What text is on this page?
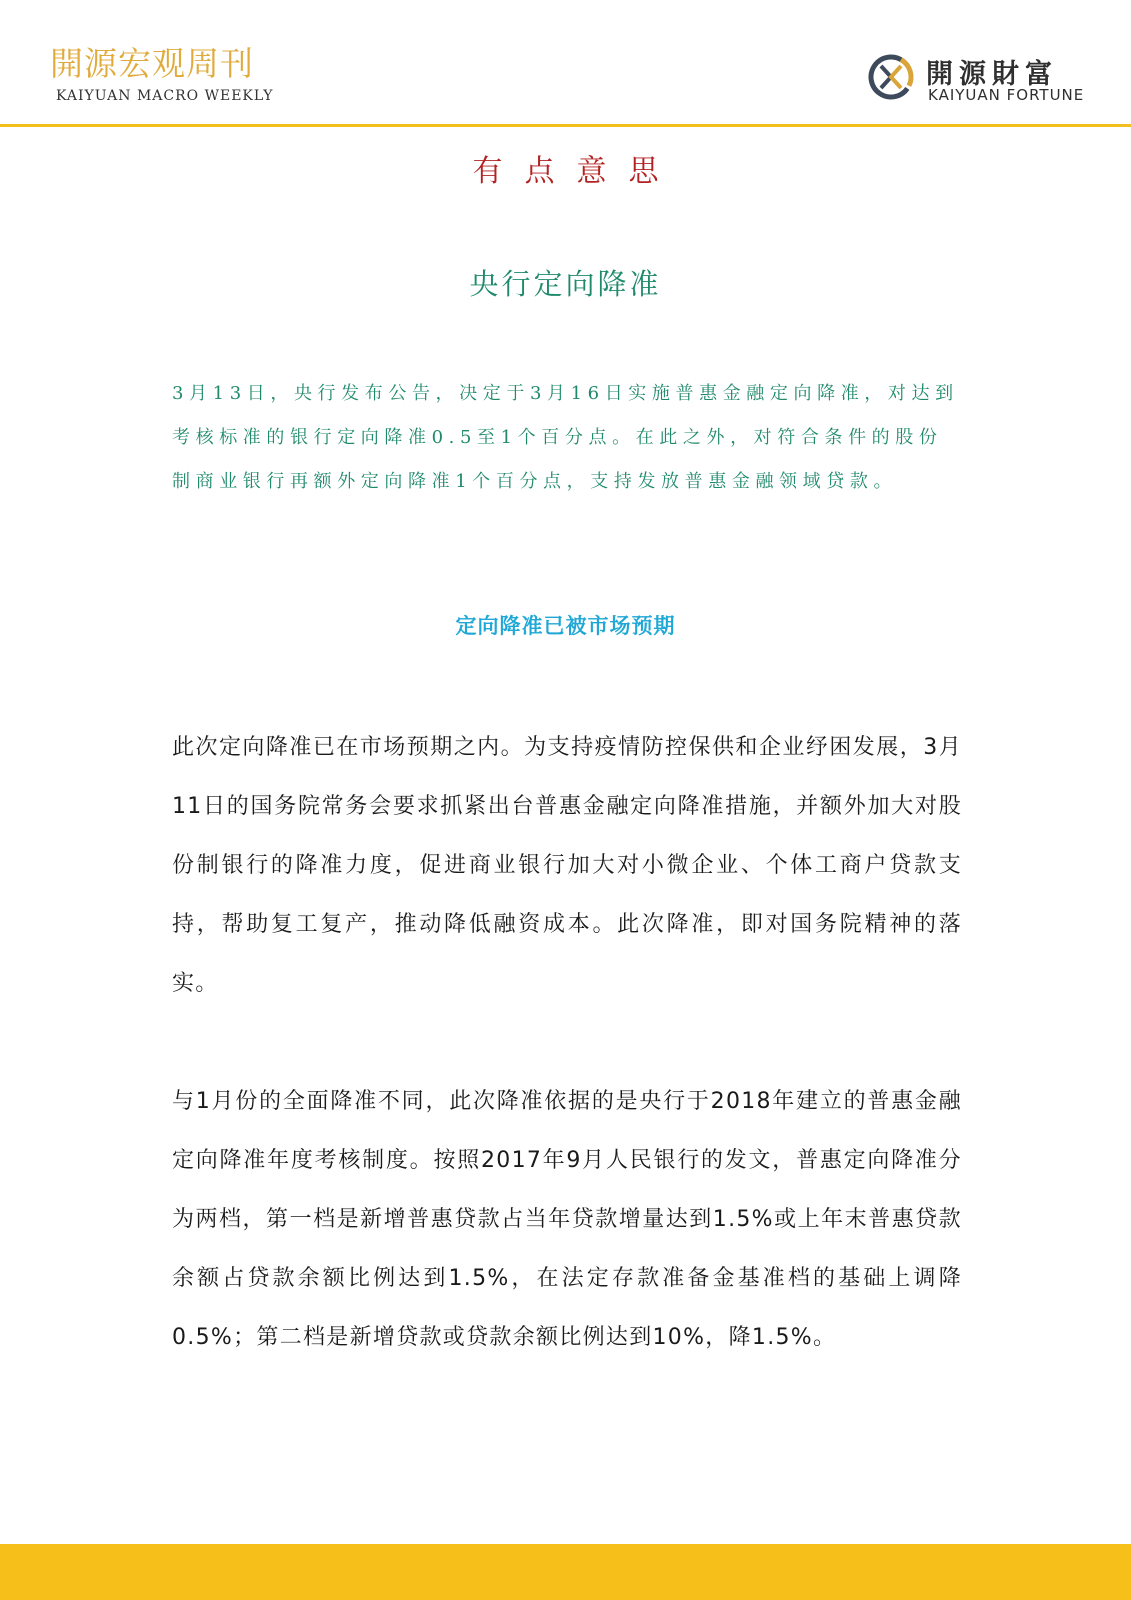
開源宏观周刊
KAIYUAN MACRO WEEKLY
開源財富
KAIYUAN FORTUNE
有点意思
央行定向降准

3月13日，央行发布公告，决定于3月16日实施普惠金融定向降准，对达到考核标准的银行定向降准0.5至1个百分点。在此之外，对符合条件的股份制商业银行再额外定向降准1个百分点，支持发放普惠金融领域贷款。

定向降准已被市场预期

此次定向降准已在市场预期之内。为支持疫情防控保供和企业纾困发展，3月11日的国务院常务会要求抓紧出台普惠金融定向降准措施，并额外加大对股份制银行的降准力度，促进商业银行加大对小微企业、个体工商户贷款支持，帮助复工复产，推动降低融资成本。此次降准，即对国务院精神的落实。

与1月份的全面降准不同，此次降准依据的是央行于2018年建立的普惠金融定向降准年度考核制度。按照2017年9月人民银行的发文，普惠定向降准分为两档，第一档是新增普惠贷款占当年贷款增量达到1.5%或上年末普惠贷款余额占贷款余额比例达到1.5%，在法定存款准备金基准档的基础上调降0.5%；第二档是新增贷款或贷款余额比例达到10%，降1.5%。
